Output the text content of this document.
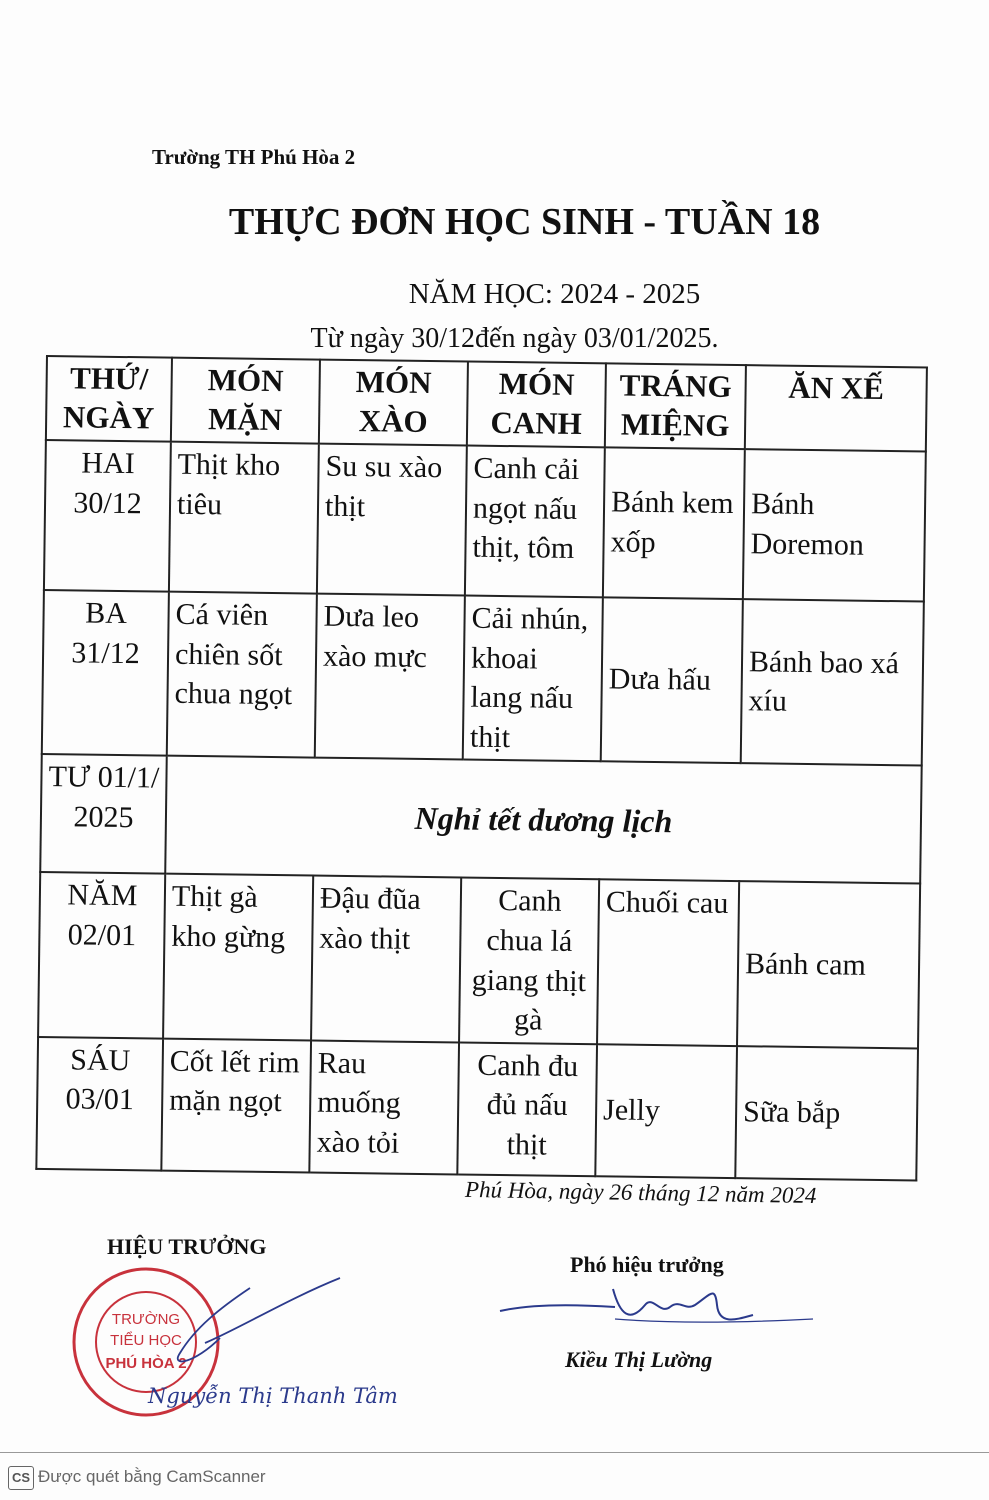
Trường TH Phú Hòa 2
THỰC ĐƠN HỌC SINH - TUẦN 18
NĂM HỌC: 2024 - 2025
Từ ngày 30/12đến ngày 03/01/2025.
THỨ/ NGÀY	MÓN MẶN	MÓN XÀO	MÓN CANH	TRÁNG MIỆNG	ĂN XẾ
HAI 30/12	Thịt kho tiêu	Su su xào thịt	Canh cải ngọt nấu thịt, tôm	Bánh kem xốp	Bánh Doremon
BA 31/12	Cá viên chiên sốt chua ngọt	Dưa leo xào mực	Cải nhún, khoai lang nấu thịt	Dưa hấu	Bánh bao xá xíu
TƯ 01/1/ 2025	Nghỉ tết dương lịch				
NĂM 02/01	Thịt gà kho gừng	Đậu đũa xào thịt	Canh chua lá giang thịt gà	Chuối cau	Bánh cam
SÁU 03/01	Cốt lết rim mặn ngọt	Rau muống xào tỏi	Canh đu đủ nấu thịt	Jelly	Sữa bắp
Phú Hòa, ngày 26 tháng 12 năm 2024
HIỆU TRƯỞNG
Phó hiệu trưởng
Kiều Thị Lường
TRƯỜNG
TIỂU HỌC
PHÚ HÒA 2
Nguyễn Thị Thanh Tâm
CS Được quét bằng CamScanner
